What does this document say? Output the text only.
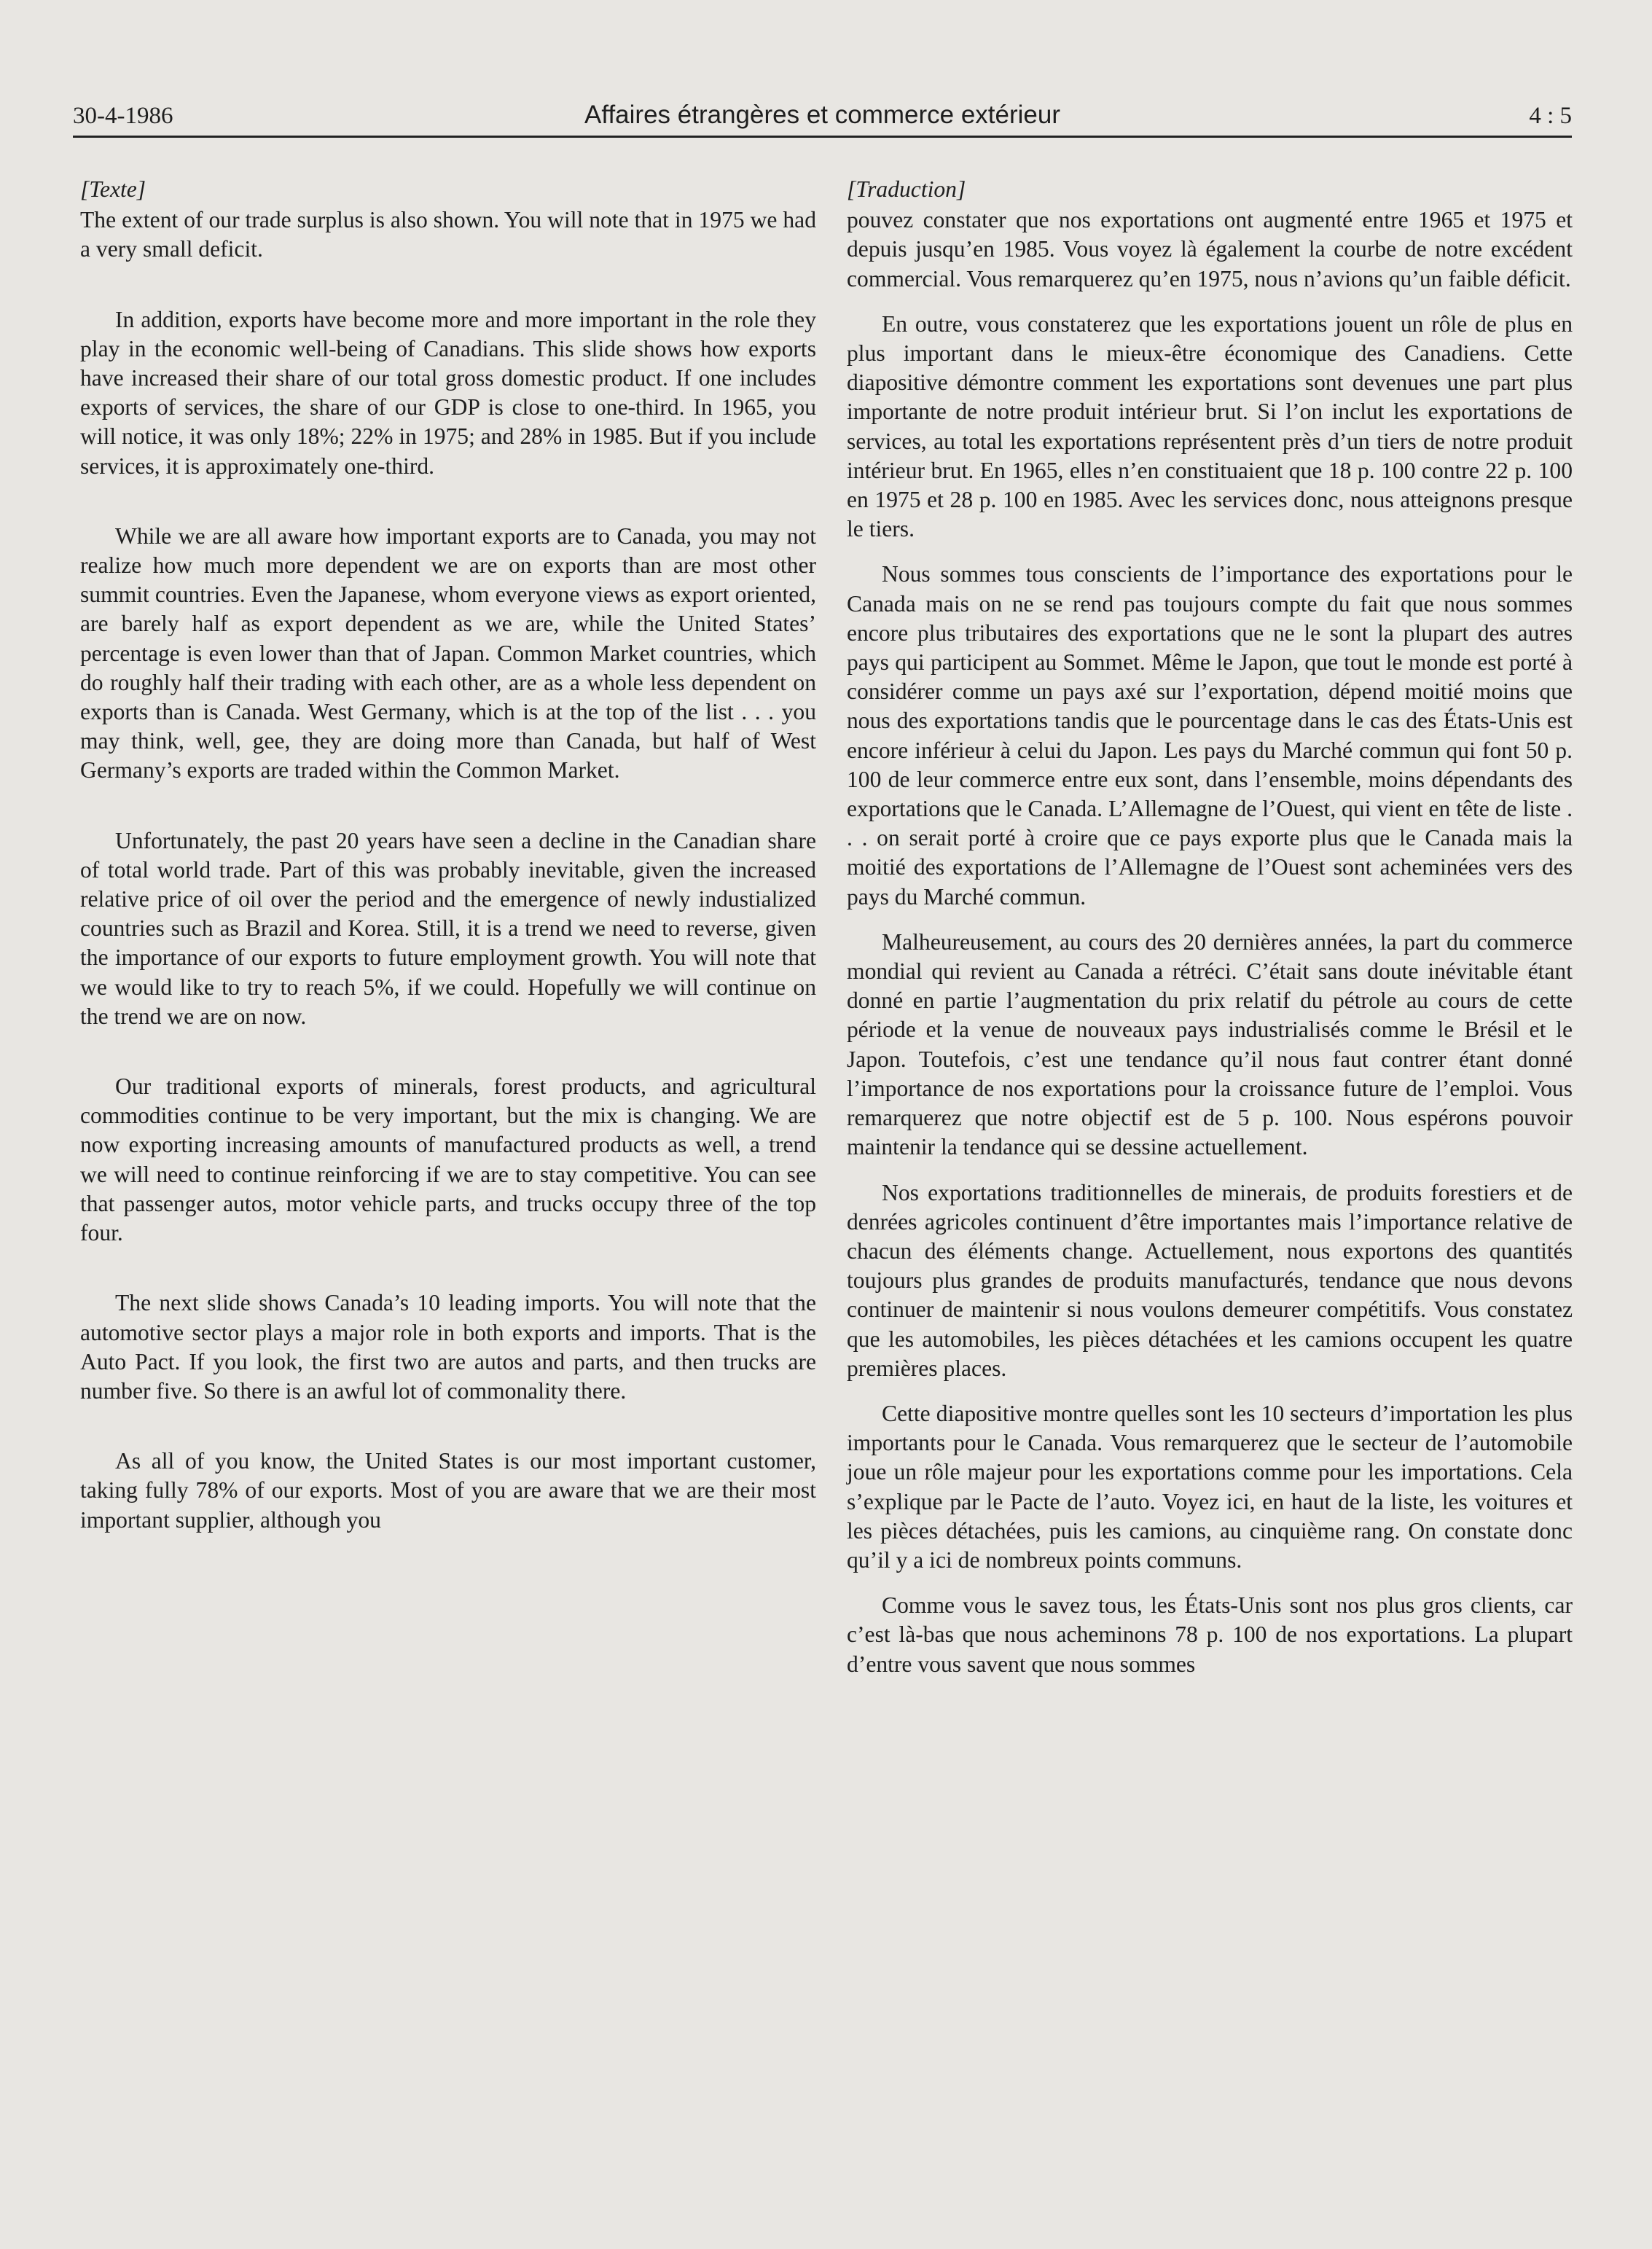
30-4-1986	Affaires étrangères et commerce extérieur	4 : 5
[Texte]

The extent of our trade surplus is also shown. You will note that in 1975 we had a very small deficit.

In addition, exports have become more and more important in the role they play in the economic well-being of Canadians. This slide shows how exports have increased their share of our total gross domestic product. If one includes exports of services, the share of our GDP is close to one-third. In 1965, you will notice, it was only 18%; 22% in 1975; and 28% in 1985. But if you include services, it is approximately one-third.

While we are all aware how important exports are to Canada, you may not realize how much more dependent we are on exports than are most other summit countries. Even the Japanese, whom everyone views as export oriented, are barely half as export dependent as we are, while the United States’ percentage is even lower than that of Japan. Common Market countries, which do roughly half their trading with each other, are as a whole less dependent on exports than is Canada. West Germany, which is at the top of the list . . . you may think, well, gee, they are doing more than Canada, but half of West Germany’s exports are traded within the Common Market.

Unfortunately, the past 20 years have seen a decline in the Canadian share of total world trade. Part of this was probably inevitable, given the increased relative price of oil over the period and the emergence of newly industialized countries such as Brazil and Korea. Still, it is a trend we need to reverse, given the importance of our exports to future employment growth. You will note that we would like to try to reach 5%, if we could. Hopefully we will continue on the trend we are on now.

Our traditional exports of minerals, forest products, and agricultural commodities continue to be very important, but the mix is changing. We are now exporting increasing amounts of manufactured products as well, a trend we will need to continue reinforcing if we are to stay competitive. You can see that passenger autos, motor vehicle parts, and trucks occupy three of the top four.

The next slide shows Canada’s 10 leading imports. You will note that the automotive sector plays a major role in both exports and imports. That is the Auto Pact. If you look, the first two are autos and parts, and then trucks are number five. So there is an awful lot of commonality there.

As all of you know, the United States is our most important customer, taking fully 78% of our exports. Most of you are aware that we are their most important supplier, although you

[Traduction]

pouvez constater que nos exportations ont augmenté entre 1965 et 1975 et depuis jusqu’en 1985. Vous voyez là également la courbe de notre excédent commercial. Vous remarquerez qu’en 1975, nous n’avions qu’un faible déficit.

En outre, vous constaterez que les exportations jouent un rôle de plus en plus important dans le mieux-être économique des Canadiens. Cette diapositive démontre comment les exportations sont devenues une part plus importante de notre produit intérieur brut. Si l’on inclut les exportations de services, au total les exportations représentent près d’un tiers de notre produit intérieur brut. En 1965, elles n’en constituaient que 18 p. 100 contre 22 p. 100 en 1975 et 28 p. 100 en 1985. Avec les services donc, nous atteignons presque le tiers.

Nous sommes tous conscients de l’importance des exportations pour le Canada mais on ne se rend pas toujours compte du fait que nous sommes encore plus tributaires des exportations que ne le sont la plupart des autres pays qui participent au Sommet. Même le Japon, que tout le monde est porté à considérer comme un pays axé sur l’exportation, dépend moitié moins que nous des exportations tandis que le pourcentage dans le cas des États-Unis est encore inférieur à celui du Japon. Les pays du Marché commun qui font 50 p. 100 de leur commerce entre eux sont, dans l’ensemble, moins dépendants des exportations que le Canada. L’Allemagne de l’Ouest, qui vient en tête de liste . . . on serait porté à croire que ce pays exporte plus que le Canada mais la moitié des exportations de l’Allemagne de l’Ouest sont acheminées vers des pays du Marché commun.

Malheureusement, au cours des 20 dernières années, la part du commerce mondial qui revient au Canada a rétréci. C’était sans doute inévitable étant donné en partie l’augmentation du prix relatif du pétrole au cours de cette période et la venue de nouveaux pays industrialisés comme le Brésil et le Japon. Toutefois, c’est une tendance qu’il nous faut contrer étant donné l’importance de nos exportations pour la croissance future de l’emploi. Vous remarquerez que notre objectif est de 5 p. 100. Nous espérons pouvoir maintenir la tendance qui se dessine actuellement.

Nos exportations traditionnelles de minerais, de produits forestiers et de denrées agricoles continuent d’être importantes mais l’importance relative de chacun des éléments change. Actuellement, nous exportons des quantités toujours plus grandes de produits manufacturés, tendance que nous devons continuer de maintenir si nous voulons demeurer compétitifs. Vous constatez que les automobiles, les pièces détachées et les camions occupent les quatre premières places.

Cette diapositive montre quelles sont les 10 secteurs d’importation les plus importants pour le Canada. Vous remarquerez que le secteur de l’automobile joue un rôle majeur pour les exportations comme pour les importations. Cela s’explique par le Pacte de l’auto. Voyez ici, en haut de la liste, les voitures et les pièces détachées, puis les camions, au cinquième rang. On constate donc qu’il y a ici de nombreux points communs.

Comme vous le savez tous, les États-Unis sont nos plus gros clients, car c’est là-bas que nous acheminons 78 p. 100 de nos exportations. La plupart d’entre vous savent que nous sommes
